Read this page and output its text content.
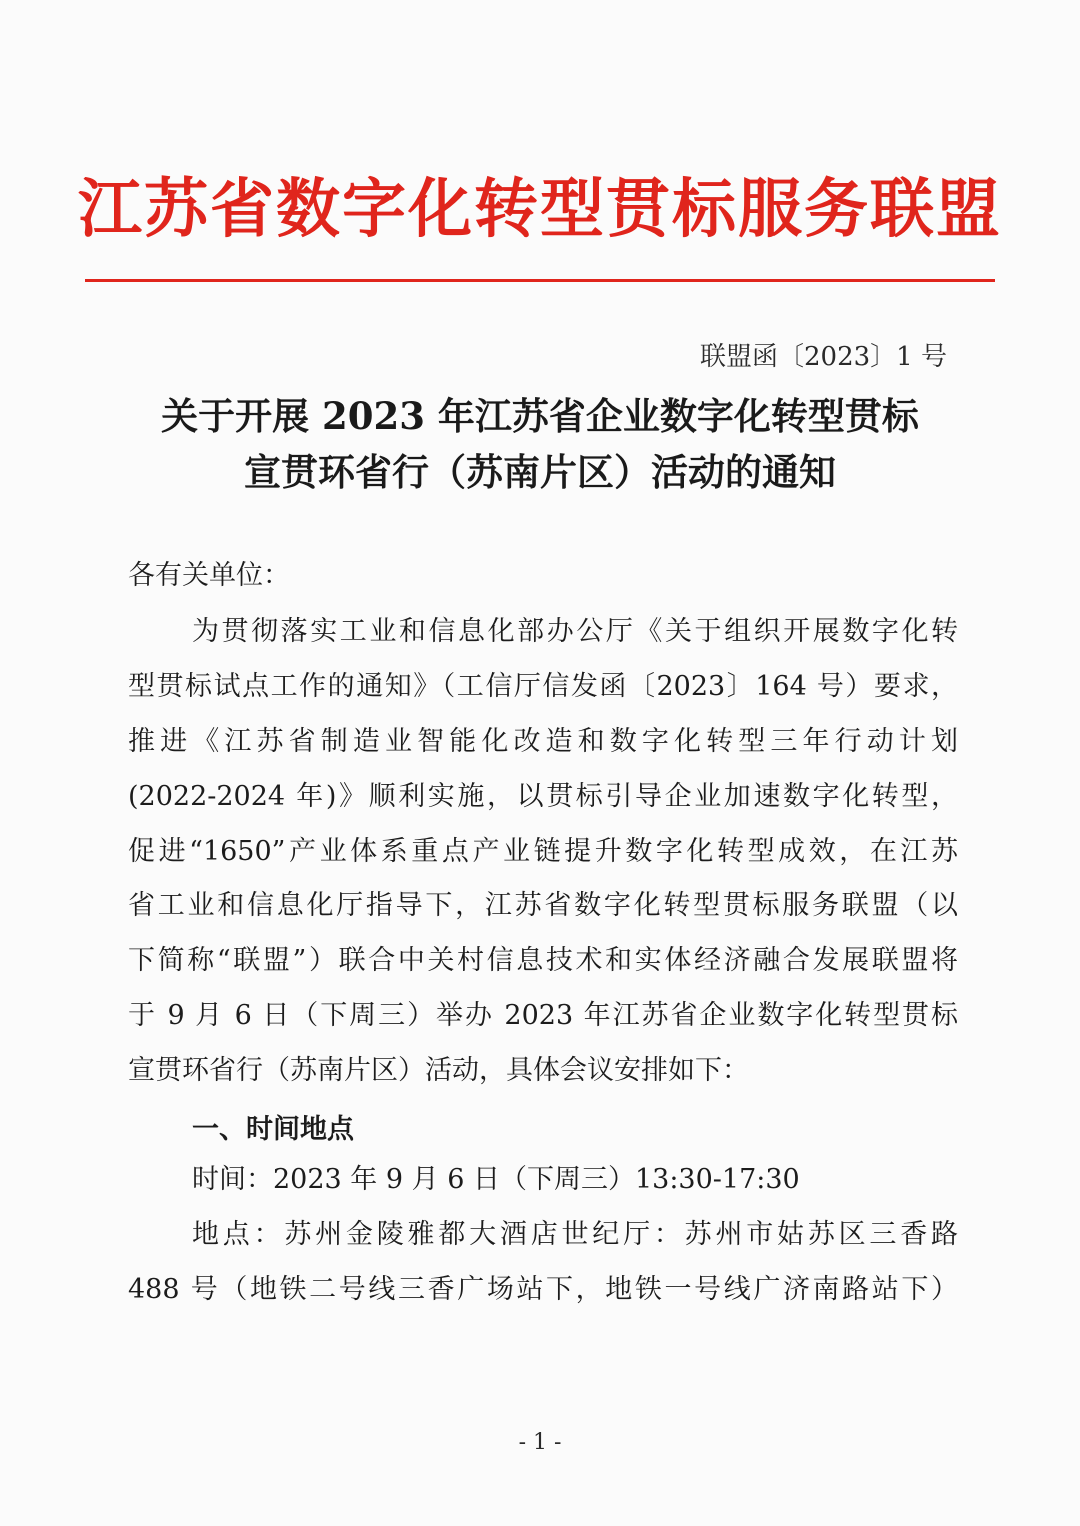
江苏省数字化转型贯标服务联盟
联盟函〔2023〕1 号
关于开展 2023 年江苏省企业数字化转型贯标
宣贯环省行（苏南片区）活动的通知
各有关单位：
为贯彻落实工业和信息化部办公厅《关于组织开展数字化转
型贯标试点工作的通知》（工信厅信发函〔2023〕164 号）要求，
推进《江苏省制造业智能化改造和数字化转型三年行动计划
(2022-2024 年)》顺利实施，以贯标引导企业加速数字化转型，
促进“1650”产业体系重点产业链提升数字化转型成效，在江苏
省工业和信息化厅指导下，江苏省数字化转型贯标服务联盟（以
下简称“联盟”）联合中关村信息技术和实体经济融合发展联盟将
于 9 月 6 日（下周三）举办 2023 年江苏省企业数字化转型贯标
宣贯环省行（苏南片区）活动，具体会议安排如下：
一、时间地点
时间：2023 年 9 月 6 日（下周三）13:30-17:30
地点：苏州金陵雅都大酒店世纪厅：苏州市姑苏区三香路
488 号（地铁二号线三香广场站下，地铁一号线广济南路站下）
- 1 -
